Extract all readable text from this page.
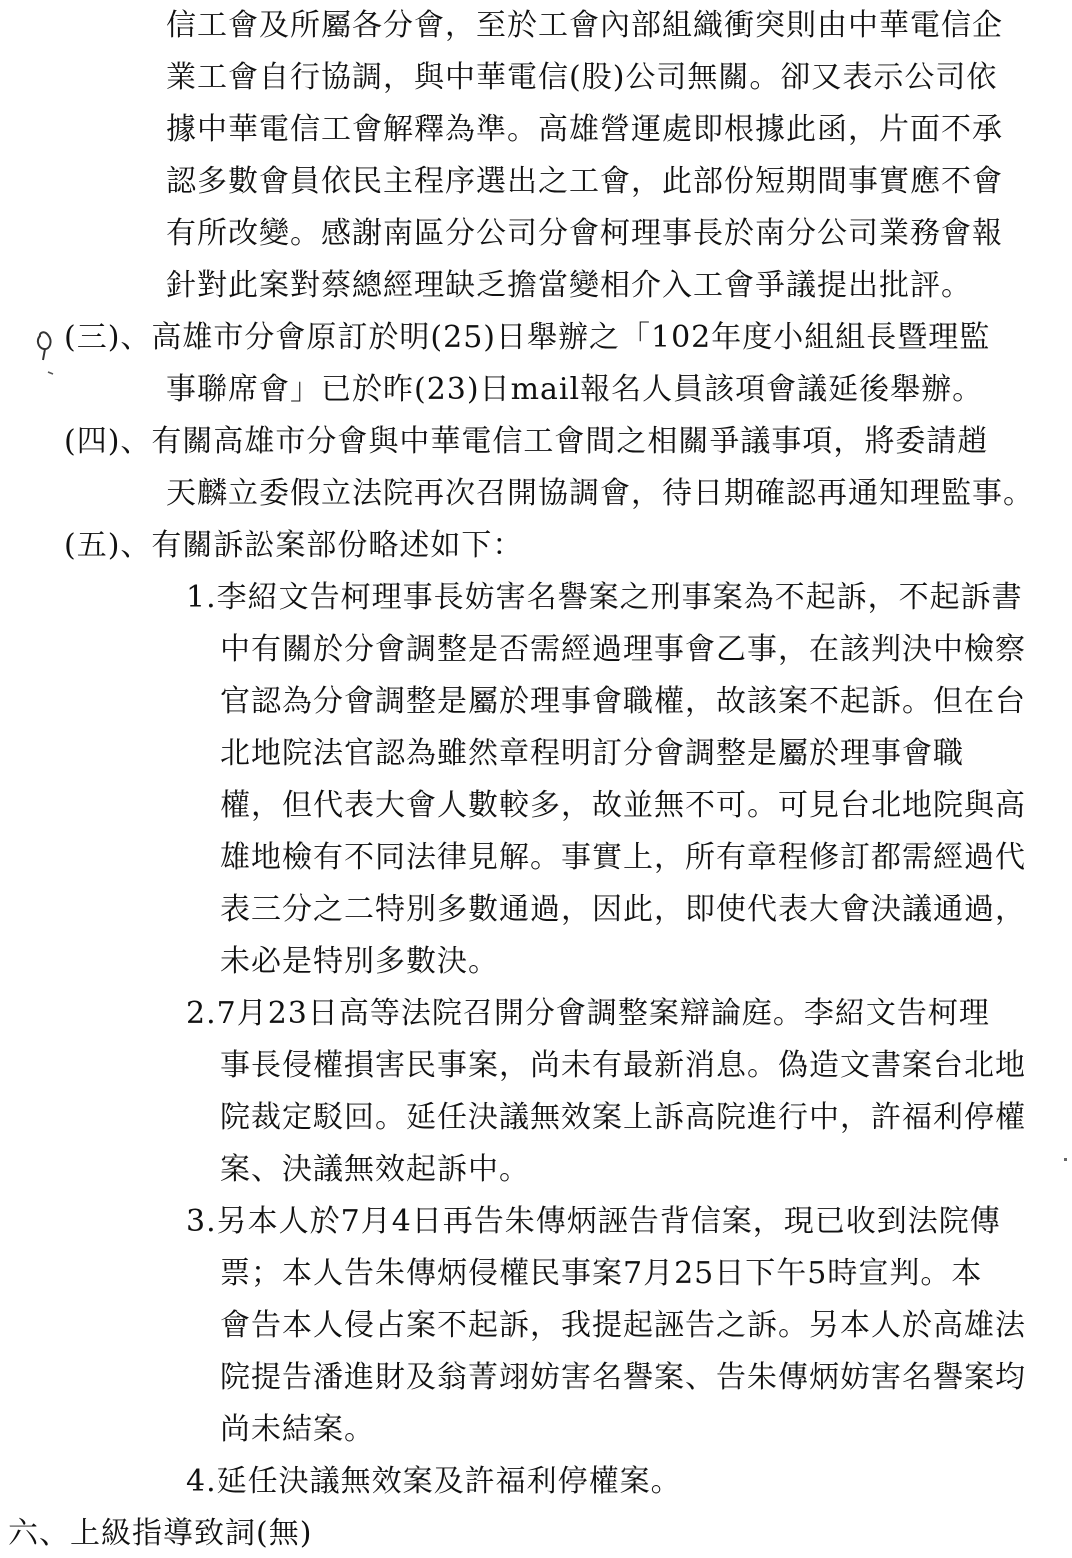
信工會及所屬各分會，至於工會內部組織衝突則由中華電信企
業工會自行協調，與中華電信(股)公司無關。卻又表示公司依
據中華電信工會解釋為準。高雄營運處即根據此函，片面不承
認多數會員依民主程序選出之工會，此部份短期間事實應不會
有所改變。感謝南區分公司分會柯理事長於南分公司業務會報
針對此案對蔡總經理缺乏擔當變相介入工會爭議提出批評。
(三)、高雄市分會原訂於明(25)日舉辦之「102年度小組組長暨理監
事聯席會」已於昨(23)日mail報名人員該項會議延後舉辦。
(四)、有關高雄市分會與中華電信工會間之相關爭議事項，將委請趙
天麟立委假立法院再次召開協調會，待日期確認再通知理監事。
(五)、有關訴訟案部份略述如下：
1.李紹文告柯理事長妨害名譽案之刑事案為不起訴，不起訴書
中有關於分會調整是否需經過理事會乙事，在該判決中檢察
官認為分會調整是屬於理事會職權，故該案不起訴。但在台
北地院法官認為雖然章程明訂分會調整是屬於理事會職
權，但代表大會人數較多，故並無不可。可見台北地院與高
雄地檢有不同法律見解。事實上，所有章程修訂都需經過代
表三分之二特別多數通過，因此，即使代表大會決議通過，
未必是特別多數決。
2.7月23日高等法院召開分會調整案辯論庭。李紹文告柯理
事長侵權損害民事案，尚未有最新消息。偽造文書案台北地
院裁定駁回。延任決議無效案上訴高院進行中，許福利停權
案、決議無效起訴中。
3.另本人於7月4日再告朱傳炳誣告背信案，現已收到法院傳
票；本人告朱傳炳侵權民事案7月25日下午5時宣判。本
會告本人侵占案不起訴，我提起誣告之訴。另本人於高雄法
院提告潘進財及翁菁翊妨害名譽案、告朱傳炳妨害名譽案均
尚未結案。
4.延任決議無效案及許福利停權案。
六、上級指導致詞(無)
